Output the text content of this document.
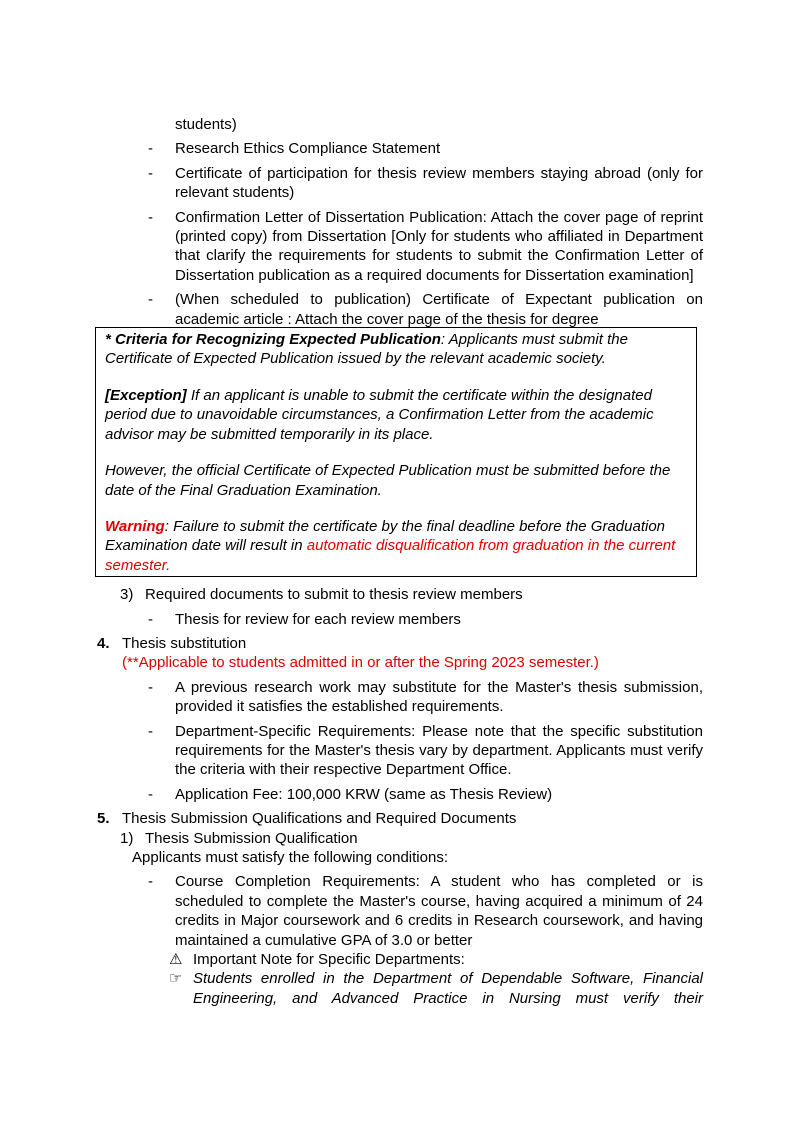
students)
- Research Ethics Compliance Statement
- Certificate of participation for thesis review members staying abroad (only for relevant students)
- Confirmation Letter of Dissertation Publication: Attach the cover page of reprint (printed copy) from Dissertation [Only for students who affiliated in Department that clarify the requirements for students to submit the Confirmation Letter of Dissertation publication as a required documents for Dissertation examination]
- (When scheduled to publication) Certificate of Expectant publication on academic article : Attach the cover page of the thesis for degree

* Criteria for Recognizing Expected Publication: Applicants must submit the Certificate of Expected Publication issued by the relevant academic society.

[Exception] If an applicant is unable to submit the certificate within the designated period due to unavoidable circumstances, a Confirmation Letter from the academic advisor may be submitted temporarily in its place.

However, the official Certificate of Expected Publication must be submitted before the date of the Final Graduation Examination.

Warning: Failure to submit the certificate by the final deadline before the Graduation Examination date will result in automatic disqualification from graduation in the current semester.

3) Required documents to submit to thesis review members
- Thesis for review for each review members
4. Thesis substitution
(**Applicable to students admitted in or after the Spring 2023 semester.)
- A previous research work may substitute for the Master's thesis submission, provided it satisfies the established requirements.
- Department-Specific Requirements: Please note that the specific substitution requirements for the Master's thesis vary by department. Applicants must verify the criteria with their respective Department Office.
- Application Fee: 100,000 KRW (same as Thesis Review)
5. Thesis Submission Qualifications and Required Documents
1) Thesis Submission Qualification
Applicants must satisfy the following conditions:
- Course Completion Requirements: A student who has completed or is scheduled to complete the Master's course, having acquired a minimum of 24 credits in Major coursework and 6 credits in Research coursework, and having maintained a cumulative GPA of 3.0 or better
⚠ Important Note for Specific Departments:
☞ Students enrolled in the Department of Dependable Software, Financial Engineering, and Advanced Practice in Nursing must verify their
